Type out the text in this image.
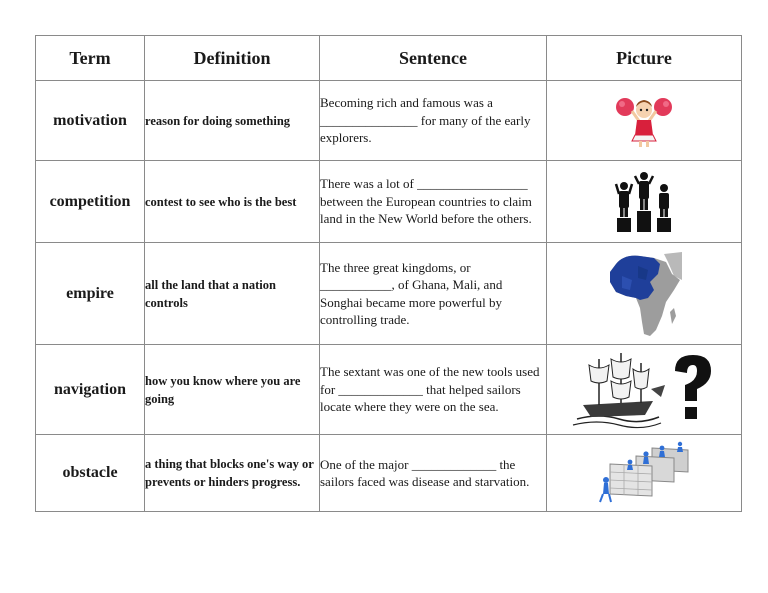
Term	Definition	Sentence	Picture
motivation	reason for doing something	Becoming rich and famous was a _______________ for many of the early explorers.	

competition	contest to see who is the best	There was a lot of _________________ between the European countries to claim land in the New World before the others.	

empire	all the land that a nation controls	The three great kingdoms, or ___________, of Ghana, Mali, and Songhai became more powerful by controlling trade.	

navigation	how you know where you are going	The sextant was one of the new tools used for _____________ that helped sailors locate where they were on the sea.	

obstacle	a thing that blocks one's way or prevents or hinders progress.	One of the major _____________ the sailors faced was disease and starvation.	
